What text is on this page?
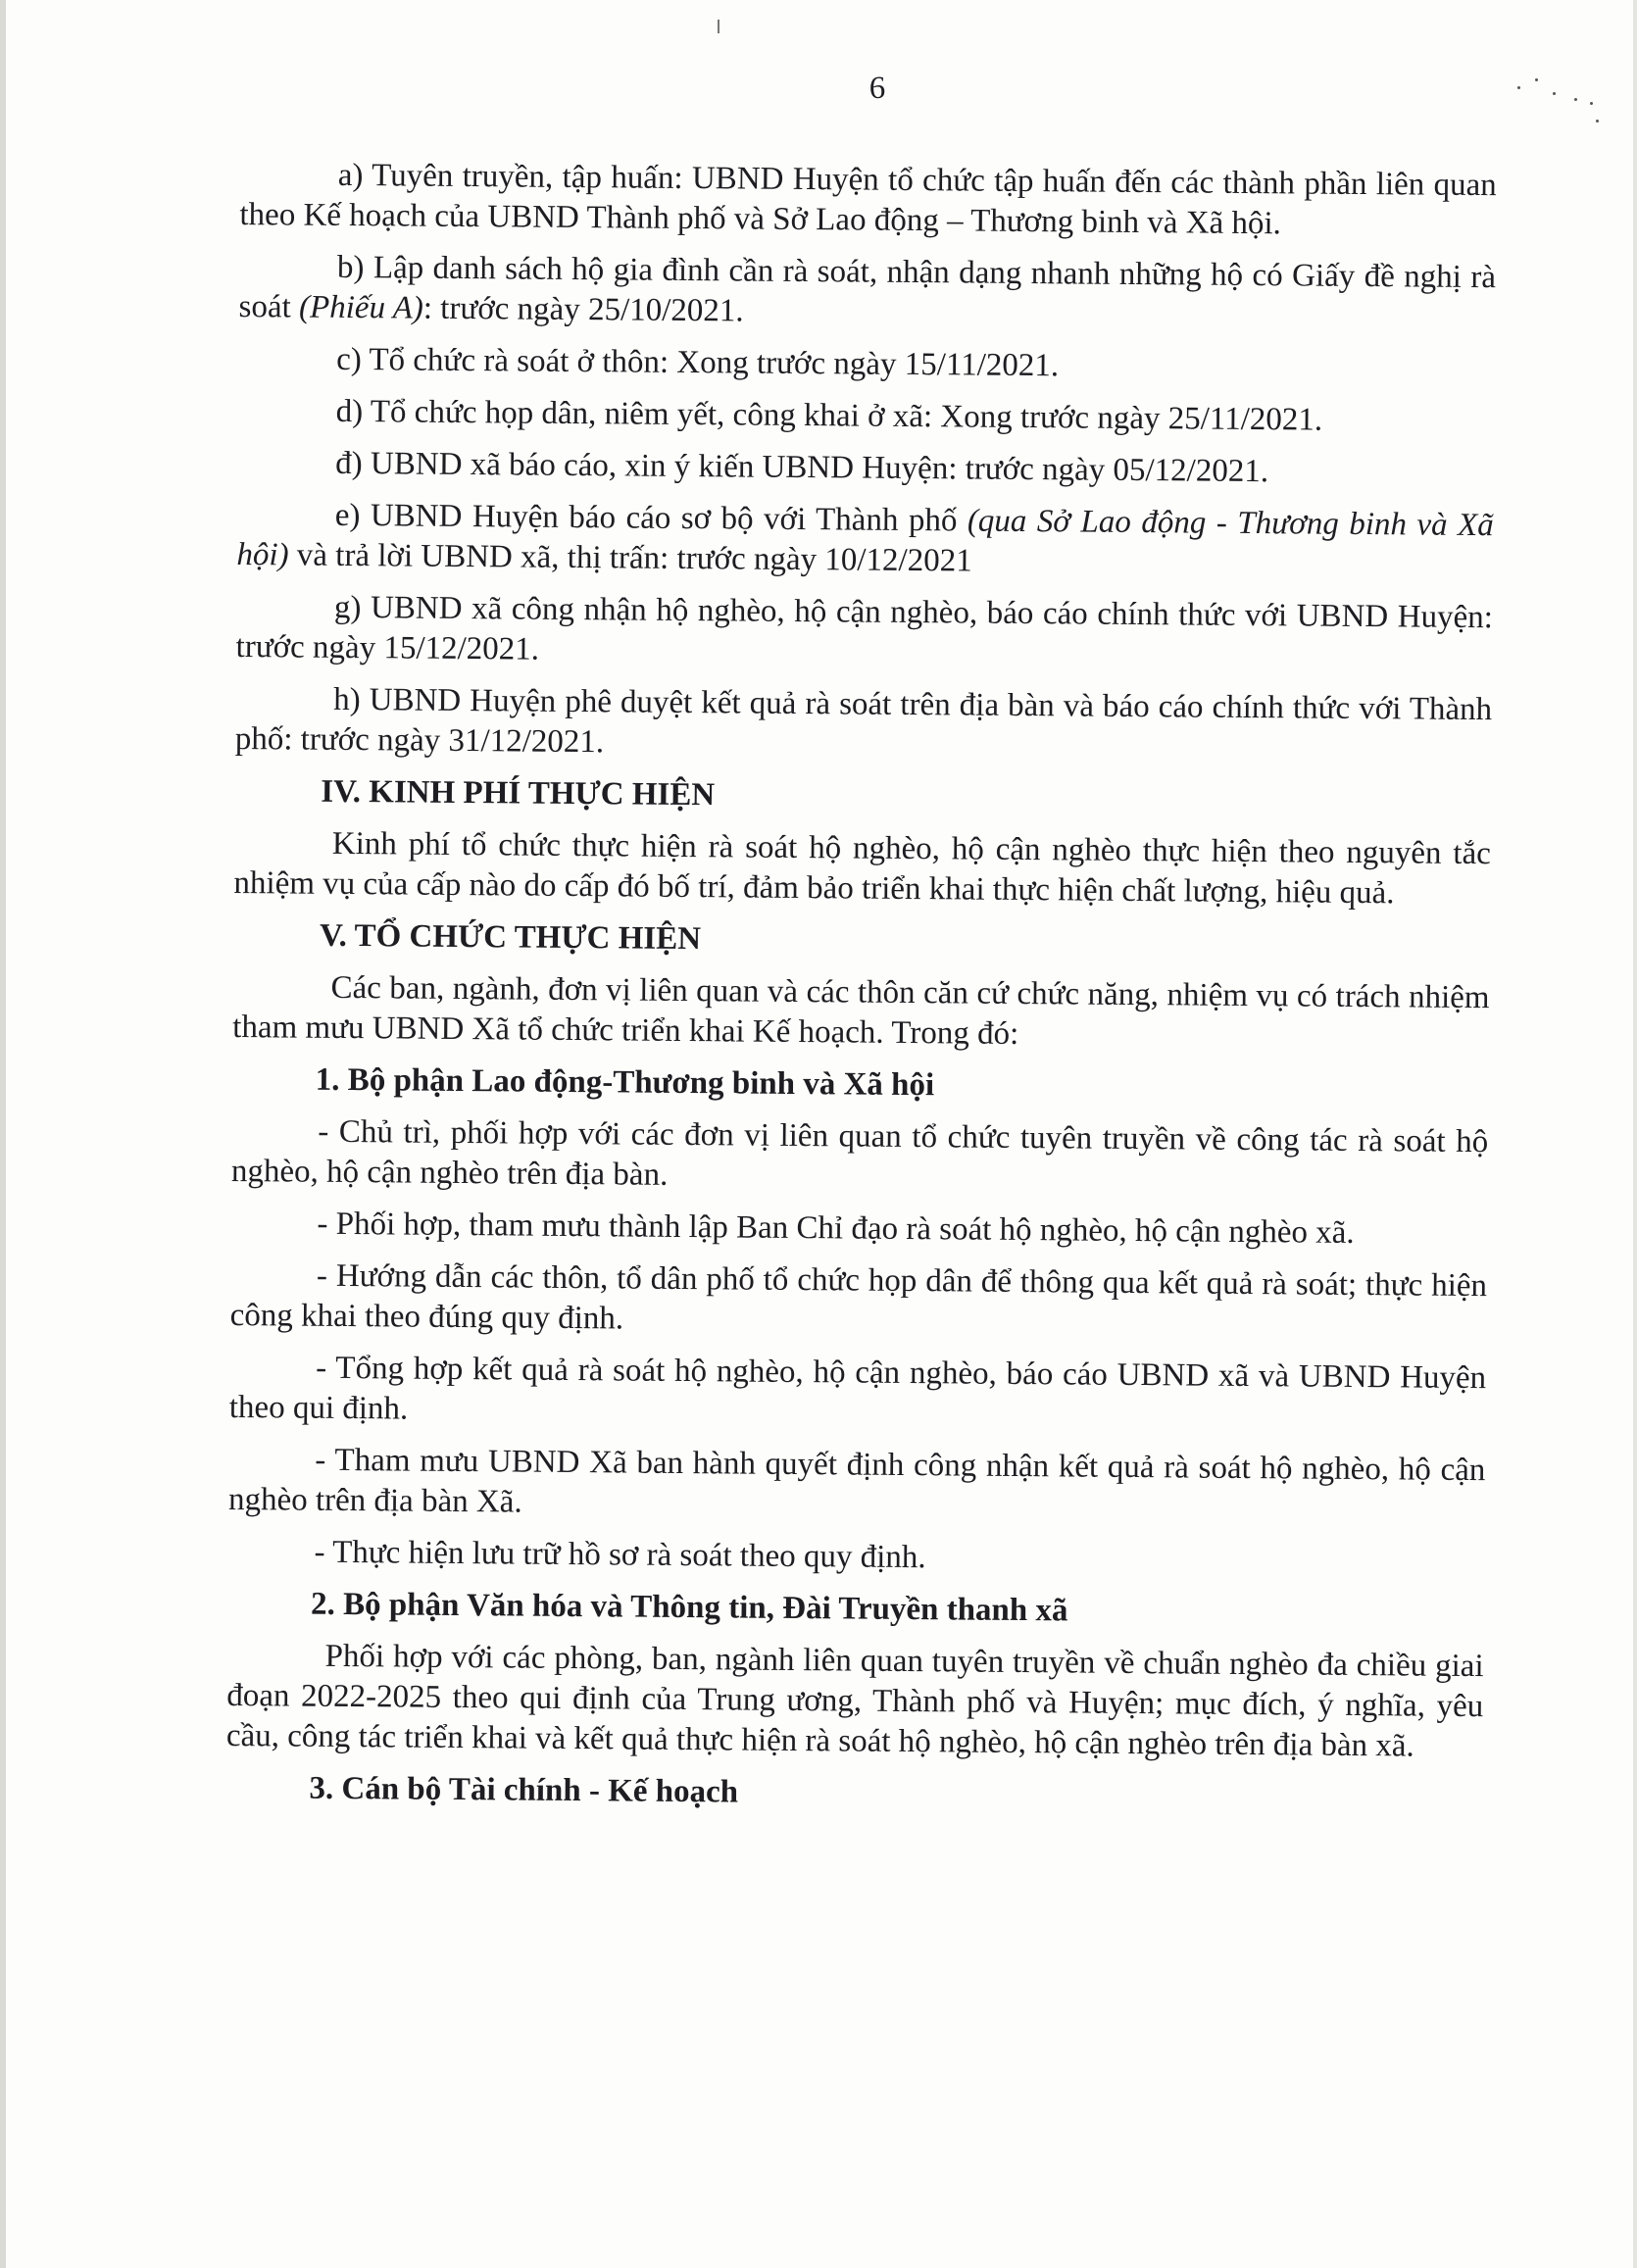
6

a) Tuyên truyền, tập huấn: UBND Huyện tổ chức tập huấn đến các thành phần liên quan theo Kế hoạch của UBND Thành phố và Sở Lao động – Thương binh và Xã hội.

b) Lập danh sách hộ gia đình cần rà soát, nhận dạng nhanh những hộ có Giấy đề nghị rà soát (Phiếu A): trước ngày 25/10/2021.

c) Tổ chức rà soát ở thôn: Xong trước ngày 15/11/2021.

d) Tổ chức họp dân, niêm yết, công khai ở xã: Xong trước ngày 25/11/2021.

đ) UBND xã báo cáo, xin ý kiến UBND Huyện: trước ngày 05/12/2021.

e) UBND Huyện báo cáo sơ bộ với Thành phố (qua Sở Lao động - Thương binh và Xã hội) và trả lời UBND xã, thị trấn: trước ngày 10/12/2021

g) UBND xã công nhận hộ nghèo, hộ cận nghèo, báo cáo chính thức với UBND Huyện: trước ngày 15/12/2021.

h) UBND Huyện phê duyệt kết quả rà soát trên địa bàn và báo cáo chính thức với Thành phố: trước ngày 31/12/2021.

IV. KINH PHÍ THỰC HIỆN

Kinh phí tổ chức thực hiện rà soát hộ nghèo, hộ cận nghèo thực hiện theo nguyên tắc nhiệm vụ của cấp nào do cấp đó bố trí, đảm bảo triển khai thực hiện chất lượng, hiệu quả.

V. TỔ CHỨC THỰC HIỆN

Các ban, ngành, đơn vị liên quan và các thôn căn cứ chức năng, nhiệm vụ có trách nhiệm tham mưu UBND Xã tổ chức triển khai Kế hoạch. Trong đó:

1. Bộ phận Lao động-Thương binh và Xã hội

- Chủ trì, phối hợp với các đơn vị liên quan tổ chức tuyên truyền về công tác rà soát hộ nghèo, hộ cận nghèo trên địa bàn.

- Phối hợp, tham mưu thành lập Ban Chỉ đạo rà soát hộ nghèo, hộ cận nghèo xã.

- Hướng dẫn các thôn, tổ dân phố tổ chức họp dân để thông qua kết quả rà soát; thực hiện công khai theo đúng quy định.

- Tổng hợp kết quả rà soát hộ nghèo, hộ cận nghèo, báo cáo UBND xã và UBND Huyện theo qui định.

- Tham mưu UBND Xã ban hành quyết định công nhận kết quả rà soát hộ nghèo, hộ cận nghèo trên địa bàn Xã.

- Thực hiện lưu trữ hồ sơ rà soát theo quy định.

2. Bộ phận Văn hóa và Thông tin, Đài Truyền thanh xã

Phối hợp với các phòng, ban, ngành liên quan tuyên truyền về chuẩn nghèo đa chiều giai đoạn 2022-2025 theo qui định của Trung ương, Thành phố và Huyện; mục đích, ý nghĩa, yêu cầu, công tác triển khai và kết quả thực hiện rà soát hộ nghèo, hộ cận nghèo trên địa bàn xã.

3. Cán bộ Tài chính - Kế hoạch
